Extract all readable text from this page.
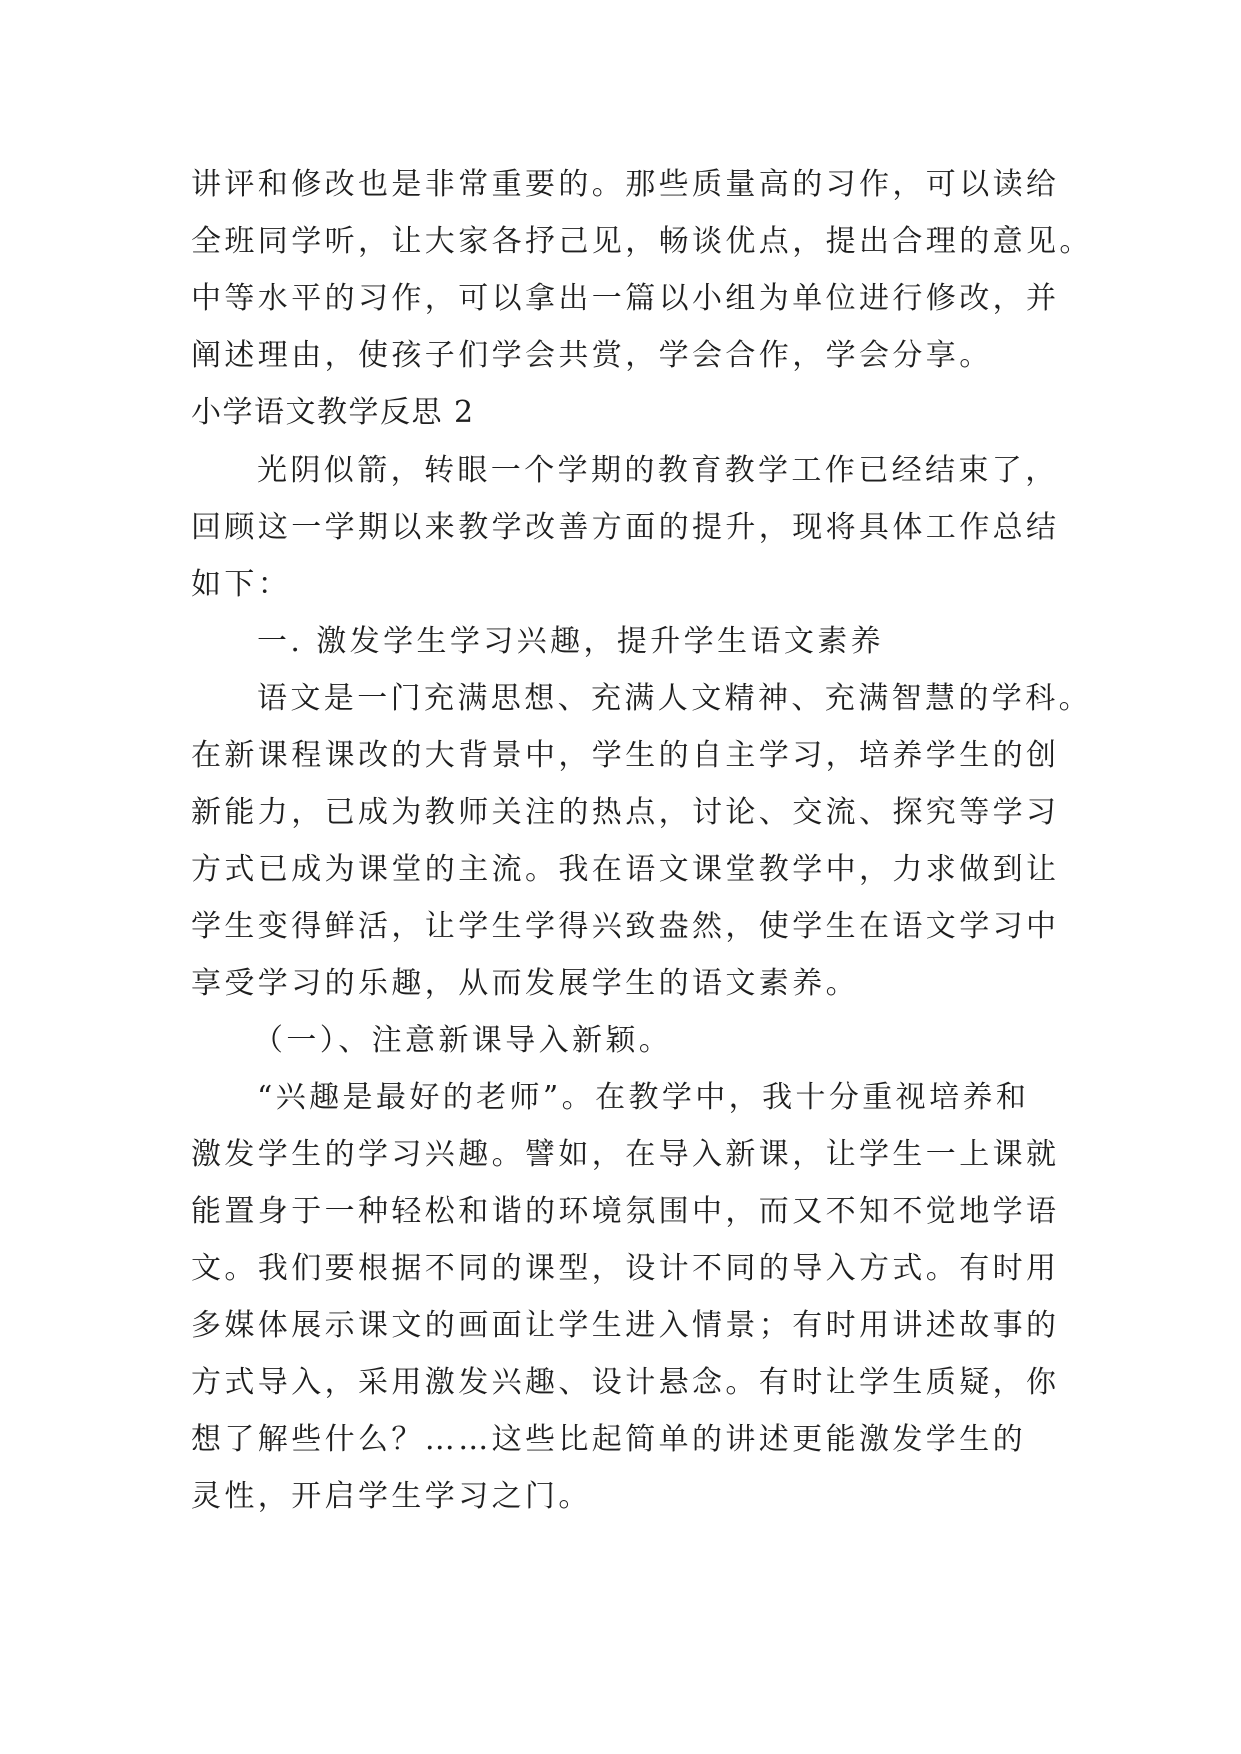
讲评和修改也是非常重要的。那些质量高的习作，可以读给

全班同学听，让大家各抒己见，畅谈优点，提出合理的意见。

中等水平的习作，可以拿出一篇以小组为单位进行修改，并

阐述理由，使孩子们学会共赏，学会合作，学会分享。

小学语文教学反思 2

光阴似箭，转眼一个学期的教育教学工作已经结束了，

回顾这一学期以来教学改善方面的提升，现将具体工作总结

如下：

一. 激发学生学习兴趣，提升学生语文素养

语文是一门充满思想、充满人文精神、充满智慧的学科。

在新课程课改的大背景中，学生的自主学习，培养学生的创

新能力，已成为教师关注的热点，讨论、交流、探究等学习

方式已成为课堂的主流。我在语文课堂教学中，力求做到让

学生变得鲜活，让学生学得兴致盎然，使学生在语文学习中

享受学习的乐趣，从而发展学生的语文素养。

（一）、注意新课导入新颖。

“兴趣是最好的老师”。在教学中，我十分重视培养和

激发学生的学习兴趣。譬如，在导入新课，让学生一上课就

能置身于一种轻松和谐的环境氛围中，而又不知不觉地学语

文。我们要根据不同的课型，设计不同的导入方式。有时用

多媒体展示课文的画面让学生进入情景；有时用讲述故事的

方式导入，采用激发兴趣、设计悬念。有时让学生质疑，你

想了解些什么？……这些比起简单的讲述更能激发学生的

灵性，开启学生学习之门。
